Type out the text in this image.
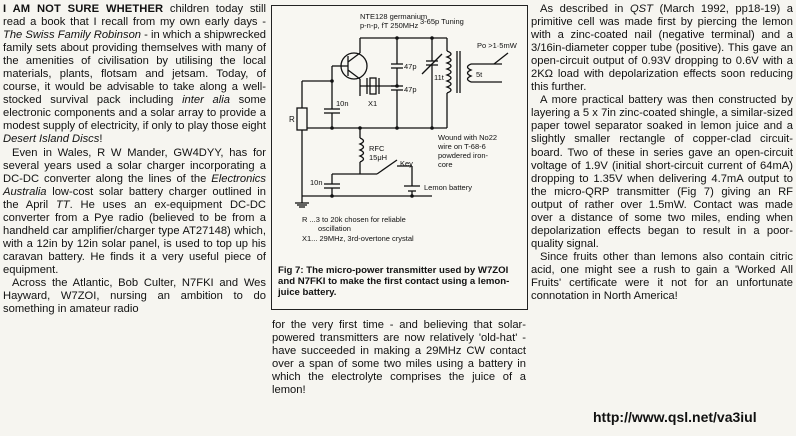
I AM NOT SURE WHETHER children today still read a book that I recall from my own early days - The Swiss Family Robinson - in which a shipwrecked family sets about providing themselves with many of the amenities of civilisation by utilising the local materials, plants, flotsam and jetsam. Today, of course, it would be advisable to take along a well-stocked survival pack including inter alia some electronic components and a solar array to provide a modest supply of electricity, if only to play those eight Desert Island Discs!

Even in Wales, R W Mander, GW4DYY, has for several years used a solar charger incorporating a DC-DC converter along the lines of the Electronics Australia low-cost solar battery charger outlined in the April TT. He uses an ex-equipment DC-DC converter from a Pye radio (believed to be from a handheld car amplifier/charger type AT27148) which, with a 12in by 12in solar panel, is used to top up his caravan battery. He finds it a very useful piece of equipment.

Across the Atlantic, Bob Culter, N7FKI and Wes Hayward, W7ZOI, nursing an ambition to do something in amateur radio

NTE128 germanium
p-n-p, fT 250MHz 3-65p Tuning
Po >1·5mW
47p
47p
X1
11t	5t
10n
R
RFC
15μH
Key
10n
Lemon battery
Wound with No22
wire on T-68-6
powdered iron-
core
R ...3 to 20k chosen for reliable
oscillation
X1... 29MHz, 3rd-overtone crystal
Fig 7: The micro-power transmitter used by W7ZOI and N7FKI to make the first contact using a lemon-juice battery.

for the very first time - and believing that solar-powered transmitters are now relatively 'old-hat' - have succeeded in making a 29MHz CW contact over a span of some two miles using a battery in which the electrolyte comprises the juice of a lemon!

As described in QST (March 1992, pp18-19) a primitive cell was made first by piercing the lemon with a zinc-coated nail (negative terminal) and a 3/16in-diameter copper tube (positive). This gave an open-circuit output of 0.93V dropping to 0.6V with a 2KΩ load with depolarization effects soon reducing this further.

A more practical battery was then constructed by layering a 5 x 7in zinc-coated shingle, a similar-sized paper towel separator soaked in lemon juice and a slightly smaller rectangle of copper-clad circuit-board. Two of these in series gave an open-circuit voltage of 1.9V (initial short-circuit current of 64mA) dropping to 1.35V when delivering 4.7mA output to the micro-QRP transmitter (Fig 7) giving an RF output of rather over 1.5mW. Contact was made over a distance of some two miles, ending when depolarization effects began to result in a poor-quality signal.

Since fruits other than lemons also contain citric acid, one might see a rush to gain a 'Worked All Fruits' certificate were it not for an unfortunate connotation in North America!

http://www.qsl.net/va3iul
